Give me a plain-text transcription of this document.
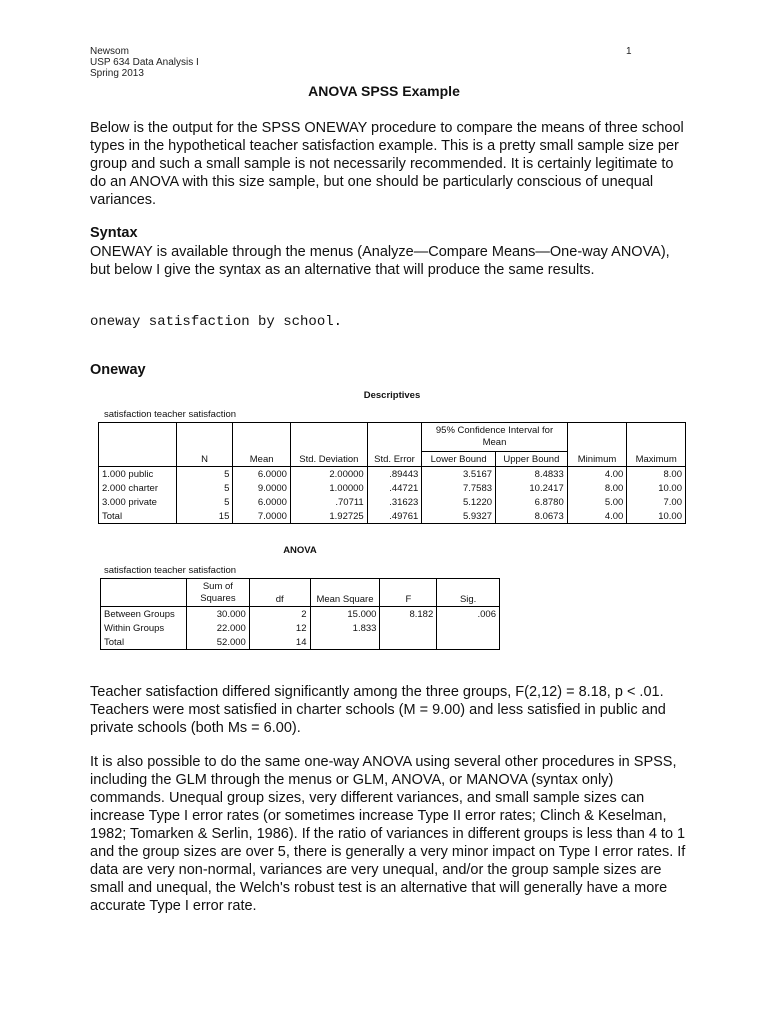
Newsom
USP 634 Data Analysis I
Spring 2013
1
ANOVA SPSS Example
Below is the output for the SPSS ONEWAY procedure to compare the means of three school types in the hypothetical teacher satisfaction example. This is a pretty small sample size per group and such a small sample is not necessarily recommended. It is certainly legitimate to do an ANOVA with this size sample, but one should be particularly conscious of unequal variances.
Syntax
ONEWAY is available through the menus (Analyze—Compare Means—One-way ANOVA), but below I give the syntax as an alternative that will produce the same results.
oneway satisfaction by school.
Oneway
Descriptives
satisfaction teacher satisfaction
	N	Mean	Std. Deviation	Std. Error	95% Confidence Interval for Mean		Minimum	Maximum
					Lower Bound	Upper Bound		
1.000 public	5	6.0000	2.00000	.89443	3.5167	8.4833	4.00	8.00
2.000 charter	5	9.0000	1.00000	.44721	7.7583	10.2417	8.00	10.00
3.000 private	5	6.0000	.70711	.31623	5.1220	6.8780	5.00	7.00
Total	15	7.0000	1.92725	.49761	5.9327	8.0673	4.00	10.00
ANOVA
satisfaction teacher satisfaction
	Sum of Squares	df	Mean Square	F	Sig.
Between Groups	30.000	2	15.000	8.182	.006
Within Groups	22.000	12	1.833		
Total	52.000	14			
Teacher satisfaction differed significantly among the three groups, F(2,12) = 8.18, p < .01. Teachers were most satisfied in charter schools (M = 9.00) and less satisfied in public and private schools (both Ms = 6.00).
It is also possible to do the same one-way ANOVA using several other procedures in SPSS, including the GLM through the menus or GLM, ANOVA, or MANOVA (syntax only) commands. Unequal group sizes, very different variances, and small sample sizes can increase Type I error rates (or sometimes increase Type II error rates; Clinch & Keselman, 1982; Tomarken & Serlin, 1986). If the ratio of variances in different groups is less than 4 to 1 and the group sizes are over 5, there is generally a very minor impact on Type I error rates. If data are very non-normal, variances are very unequal, and/or the group sample sizes are small and unequal, the Welch's robust test is an alternative that will generally have a more accurate Type I error rate.
